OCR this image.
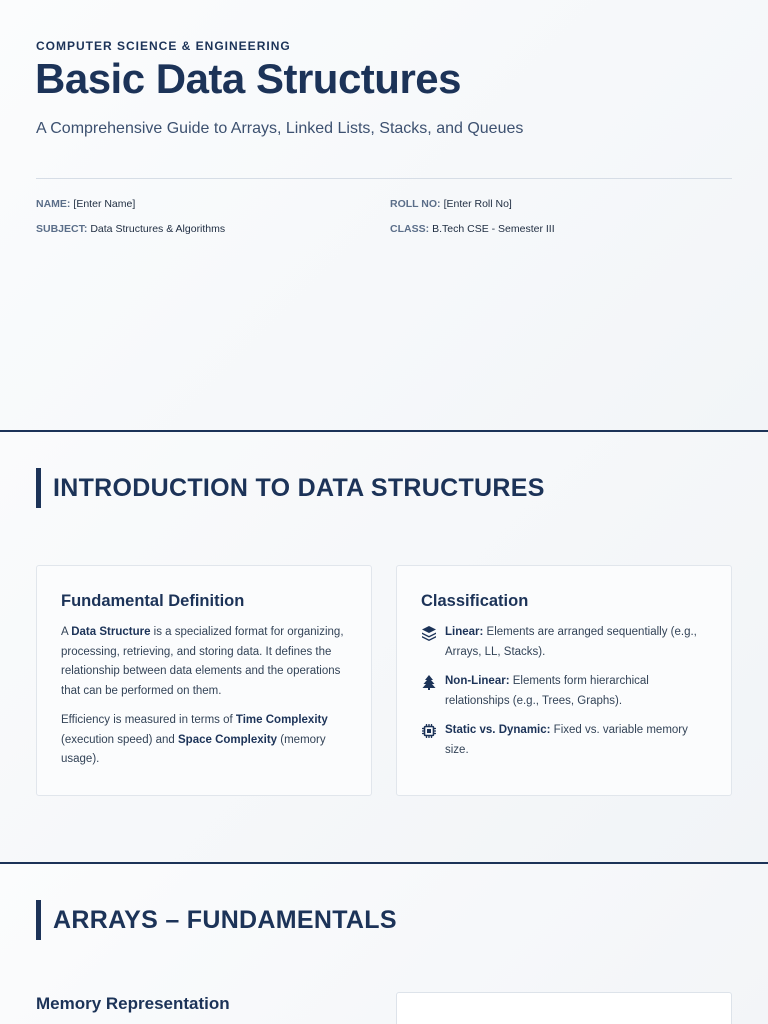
COMPUTER SCIENCE & ENGINEERING
Basic Data Structures
A Comprehensive Guide to Arrays, Linked Lists, Stacks, and Queues
NAME: [Enter Name]	ROLL NO: [Enter Roll No]
SUBJECT: Data Structures & Algorithms	CLASS: B.Tech CSE - Semester III
INTRODUCTION TO DATA STRUCTURES
Fundamental Definition

A Data Structure is a specialized format for organizing, processing, retrieving, and storing data. It defines the relationship between data elements and the operations that can be performed on them.

Efficiency is measured in terms of Time Complexity (execution speed) and Space Complexity (memory usage).

Classification
Linear: Elements are arranged sequentially (e.g., Arrays, LL, Stacks).
Non-Linear: Elements form hierarchical relationships (e.g., Trees, Graphs).
Static vs. Dynamic: Fixed vs. variable memory size.
ARRAYS – FUNDAMENTALS
Memory Representation
